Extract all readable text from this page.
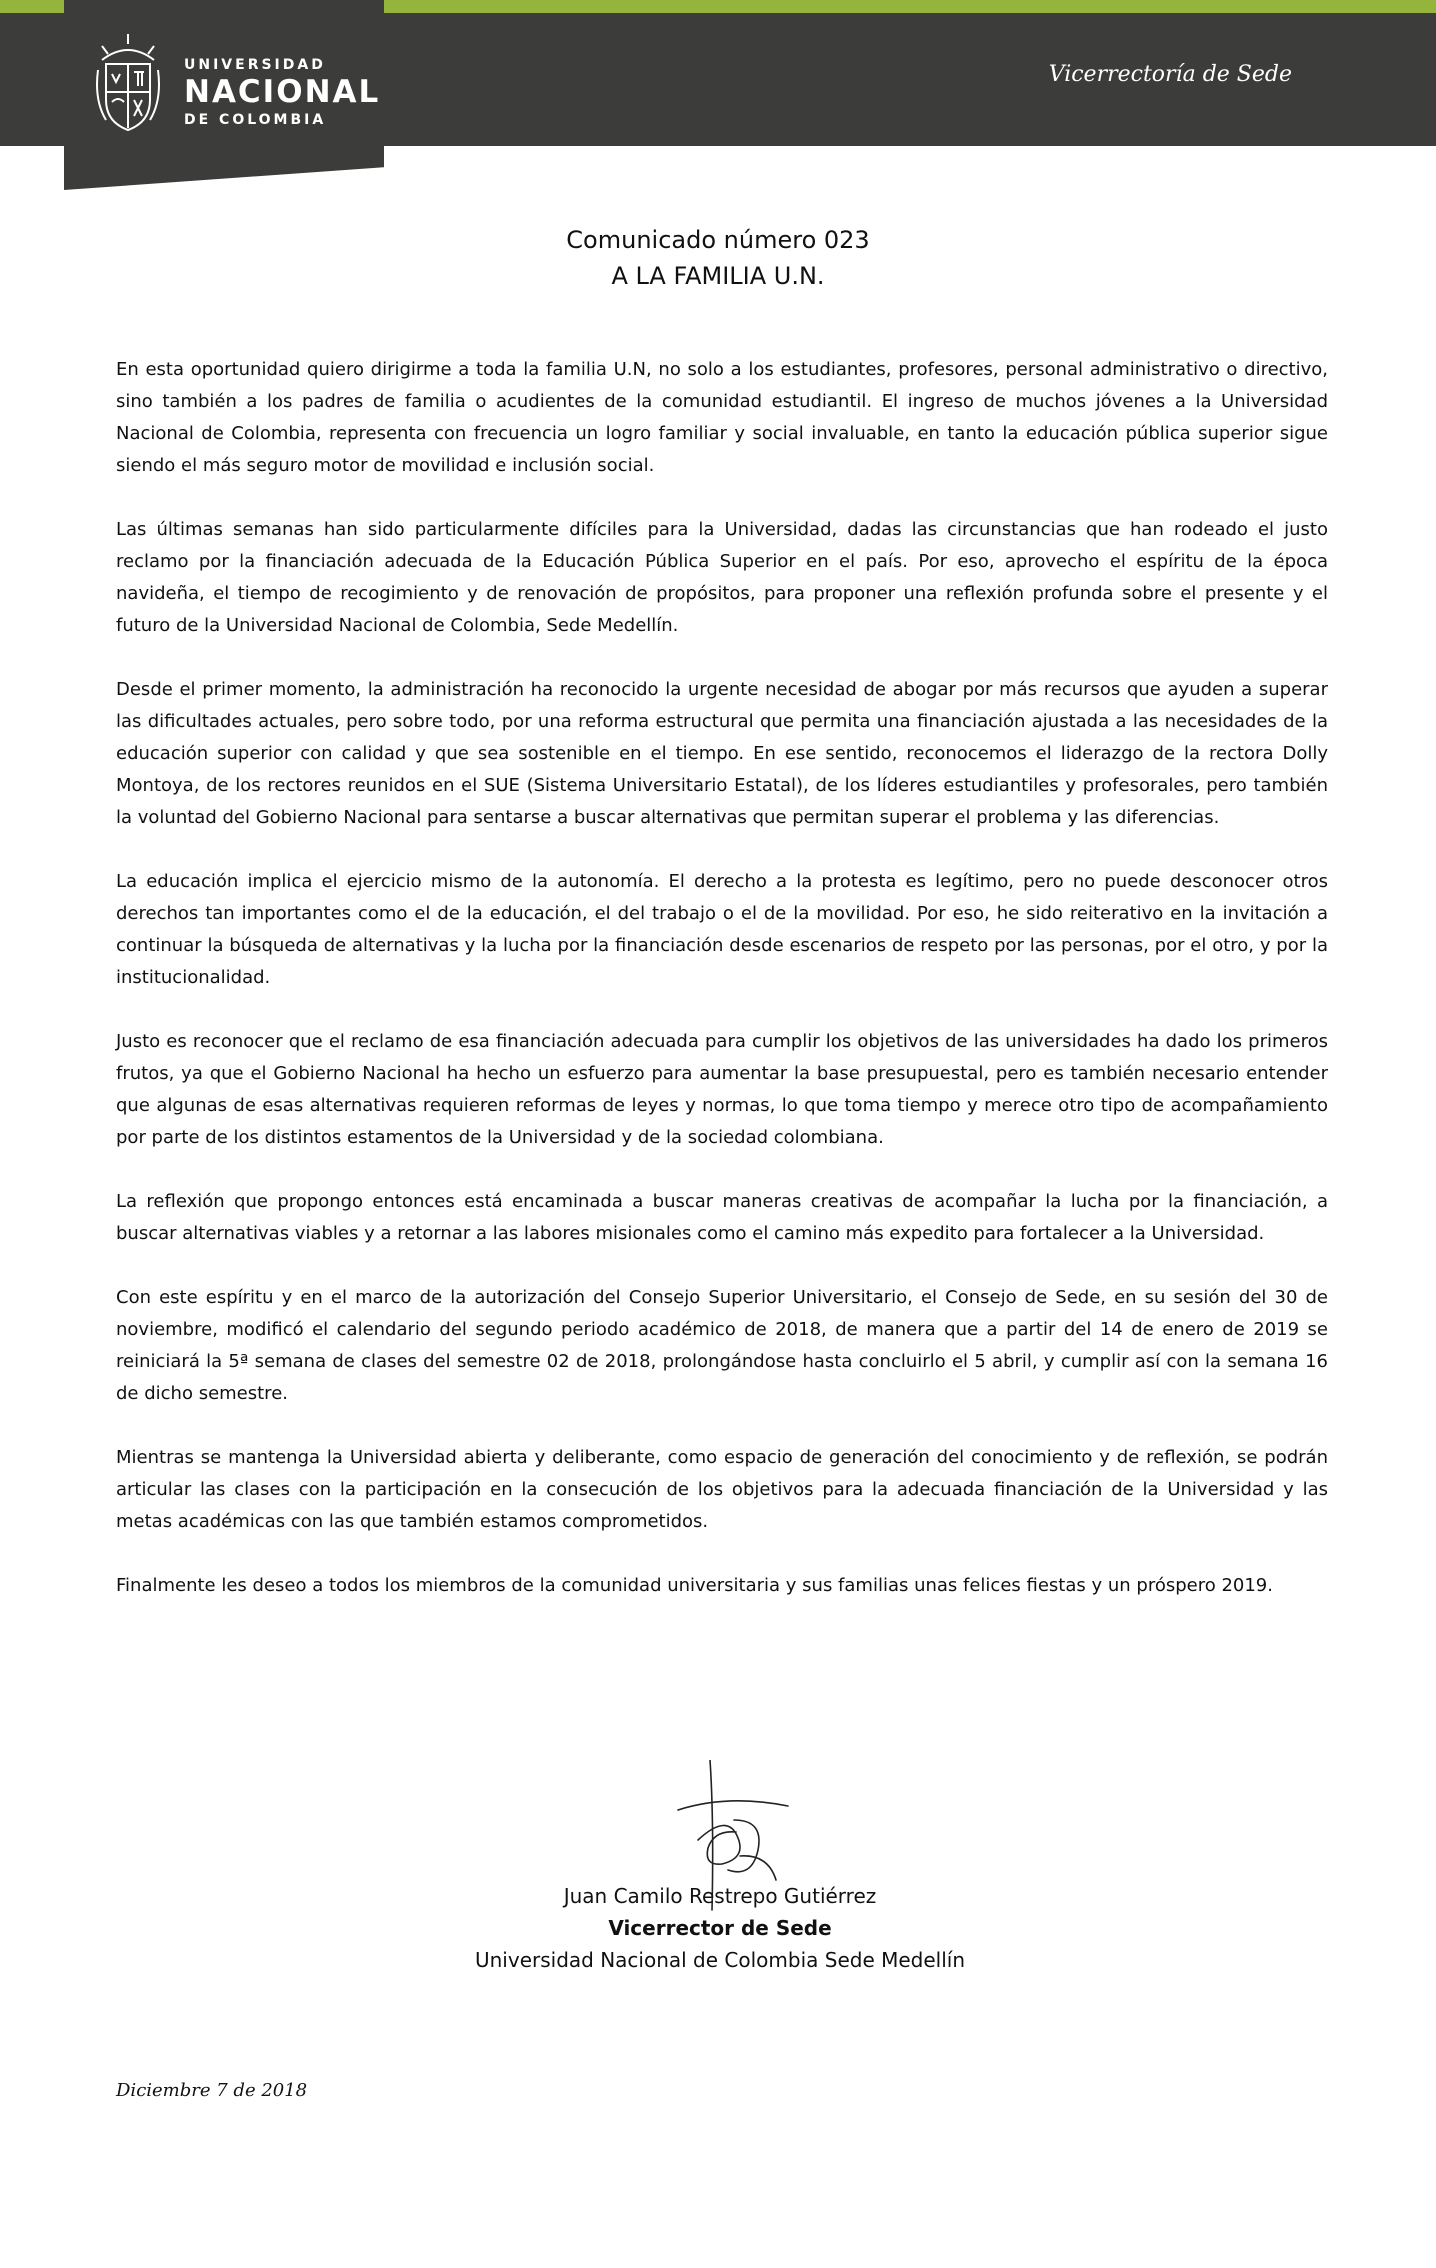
UNIVERSIDAD
NACIONAL
DE COLOMBIA
Vicerrectoría de Sede
Comunicado número 023
A LA FAMILIA U.N.

En esta oportunidad quiero dirigirme a toda la familia U.N, no solo a los estudiantes, profesores, personal administrativo o directivo, sino también a los padres de familia o acudientes de la comunidad estudiantil. El ingreso de muchos jóvenes a la Universidad Nacional de Colombia, representa con frecuencia un logro familiar y social invaluable, en tanto la educación pública superior sigue siendo el más seguro motor de movilidad e inclusión social.

Las últimas semanas han sido particularmente difíciles para la Universidad, dadas las circunstancias que han rodeado el justo reclamo por la financiación adecuada de la Educación Pública Superior en el país. Por eso, aprovecho el espíritu de la época navideña, el tiempo de recogimiento y de renovación de propósitos, para proponer una reflexión profunda sobre el presente y el futuro de la Universidad Nacional de Colombia, Sede Medellín.

Desde el primer momento, la administración ha reconocido la urgente necesidad de abogar por más recursos que ayuden a superar las dificultades actuales, pero sobre todo, por una reforma estructural que permita una financiación ajustada a las necesidades de la educación superior con calidad y que sea sostenible en el tiempo. En ese sentido, reconocemos el liderazgo de la rectora Dolly Montoya, de los rectores reunidos en el SUE (Sistema Universitario Estatal), de los líderes estudiantiles y profesorales, pero también la voluntad del Gobierno Nacional para sentarse a buscar alternativas que permitan superar el problema y las diferencias.

La educación implica el ejercicio mismo de la autonomía. El derecho a la protesta es legítimo, pero no puede desconocer otros derechos tan importantes como el de la educación, el del trabajo o el de la movilidad. Por eso, he sido reiterativo en la invitación a continuar la búsqueda de alternativas y la lucha por la financiación desde escenarios de respeto por las personas, por el otro, y por la institucionalidad.

Justo es reconocer que el reclamo de esa financiación adecuada para cumplir los objetivos de las universidades ha dado los primeros frutos, ya que el Gobierno Nacional ha hecho un esfuerzo para aumentar la base presupuestal, pero es también necesario entender que algunas de esas alternativas requieren reformas de leyes y normas, lo que toma tiempo y merece otro tipo de acompañamiento por parte de los distintos estamentos de la Universidad y de la sociedad colombiana.

La reflexión que propongo entonces está encaminada a buscar maneras creativas de acompañar la lucha por la financiación, a buscar alternativas viables y a retornar a las labores misionales como el camino más expedito para fortalecer a la Universidad.

Con este espíritu y en el marco de la autorización del Consejo Superior Universitario, el Consejo de Sede, en su sesión del 30 de noviembre, modificó el calendario del segundo periodo académico de 2018, de manera que a partir del 14 de enero de 2019 se reiniciará la 5ª semana de clases del semestre 02 de 2018, prolongándose hasta concluirlo el 5 abril, y cumplir así con la semana 16 de dicho semestre.

Mientras se mantenga la Universidad abierta y deliberante, como espacio de generación del conocimiento y de reflexión, se podrán articular las clases con la participación en la consecución de los objetivos para la adecuada financiación de la Universidad y las metas académicas con las que también estamos comprometidos.

Finalmente les deseo a todos los miembros de la comunidad universitaria y sus familias unas felices fiestas y un próspero 2019.

Juan Camilo Restrepo Gutiérrez
Vicerrector de Sede
Universidad Nacional de Colombia Sede Medellín
Diciembre 7 de 2018
